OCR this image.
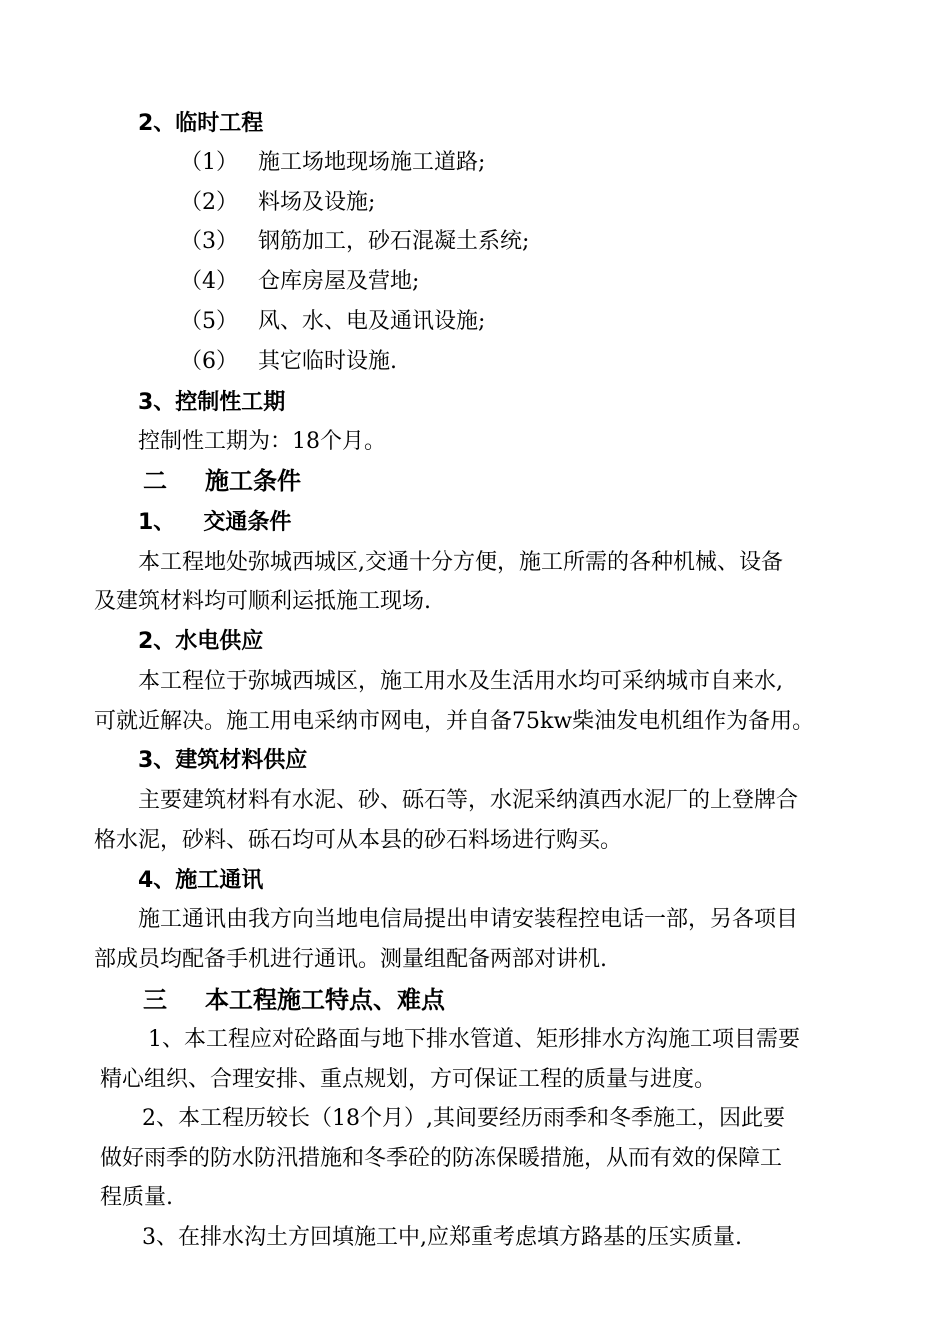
2、临时工程
（1） 施工场地现场施工道路;
（2） 料场及设施;
（3） 钢筋加工，砂石混凝土系统;
（4） 仓库房屋及营地;
（5） 风、水、电及通讯设施;
（6） 其它临时设施.
3、控制性工期
控制性工期为：18个月。
二 施工条件
1、 交通条件
本工程地处弥城西城区,交通十分方便，施工所需的各种机械、设备
及建筑材料均可顺利运抵施工现场.
2、水电供应
本工程位于弥城西城区，施工用水及生活用水均可采纳城市自来水,
可就近解决。施工用电采纳市网电，并自备75kw柴油发电机组作为备用。
3、建筑材料供应
主要建筑材料有水泥、砂、砾石等，水泥采纳滇西水泥厂的上登牌合
格水泥，砂料、砾石均可从本县的砂石料场进行购买。
4、施工通讯
施工通讯由我方向当地电信局提出申请安装程控电话一部，另各项目
部成员均配备手机进行通讯。测量组配备两部对讲机.
三 本工程施工特点、难点
1、本工程应对砼路面与地下排水管道、矩形排水方沟施工项目需要
精心组织、合理安排、重点规划，方可保证工程的质量与进度。
2、本工程历较长（18个月）,其间要经历雨季和冬季施工，因此要
做好雨季的防水防汛措施和冬季砼的防冻保暖措施，从而有效的保障工
程质量.
3、在排水沟土方回填施工中,应郑重考虑填方路基的压实质量.
